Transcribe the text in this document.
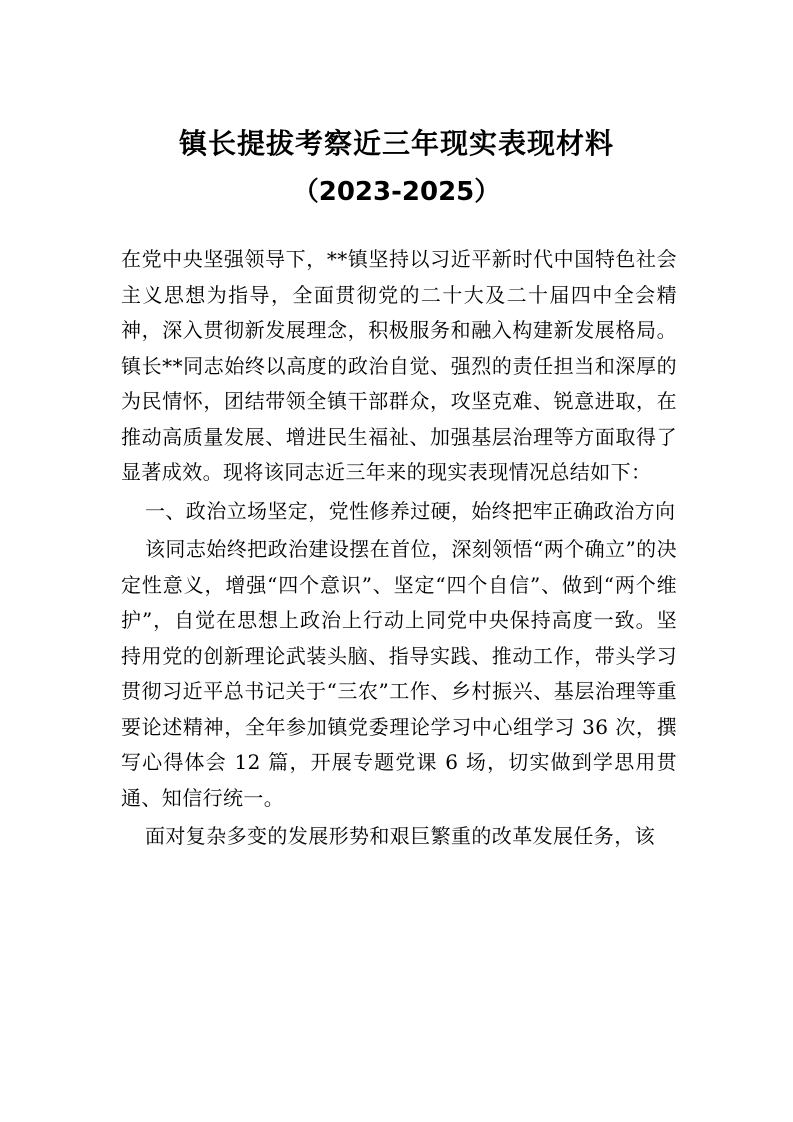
镇长提拔考察近三年现实表现材料
（2023-2025）

在党中央坚强领导下，**镇坚持以习近平新时代中国特色社会主义思想为指导，全面贯彻党的二十大及二十届四中全会精神，深入贯彻新发展理念，积极服务和融入构建新发展格局。镇长**同志始终以高度的政治自觉、强烈的责任担当和深厚的为民情怀，团结带领全镇干部群众，攻坚克难、锐意进取，在推动高质量发展、增进民生福祉、加强基层治理等方面取得了显著成效。现将该同志近三年来的现实表现情况总结如下：

一、政治立场坚定，党性修养过硬，始终把牢正确政治方向

该同志始终把政治建设摆在首位，深刻领悟“两个确立”的决定性意义，增强“四个意识”、坚定“四个自信”、做到“两个维护”，自觉在思想上政治上行动上同党中央保持高度一致。坚持用党的创新理论武装头脑、指导实践、推动工作，带头学习贯彻习近平总书记关于“三农”工作、乡村振兴、基层治理等重要论述精神，全年参加镇党委理论学习中心组学习 36 次，撰写心得体会 12 篇，开展专题党课 6 场，切实做到学思用贯通、知信行统一。

面对复杂多变的发展形势和艰巨繁重的改革发展任务，该
